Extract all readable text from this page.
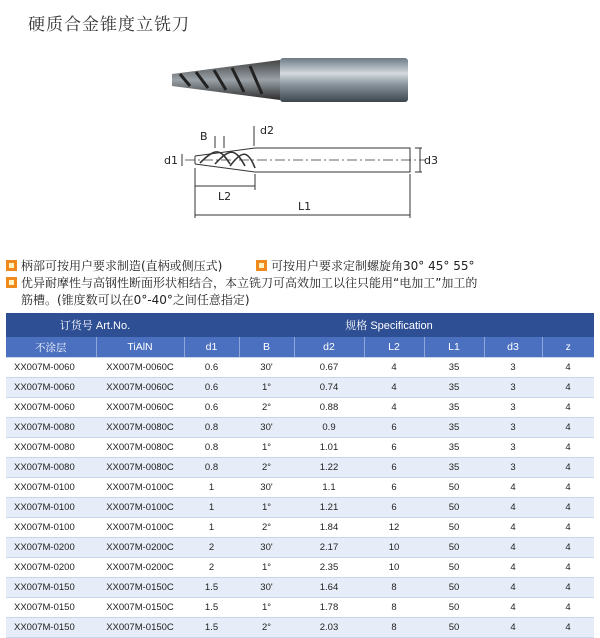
硬质合金锥度立铣刀
B	d2
d1	d3
L2
L1
柄部可按用户要求制造(直柄或侧压式)	可按用户要求定制螺旋角30° 45° 55°
优异耐摩性与高钢性断面形状相结合，本立铣刀可高效加工以往只能用“电加工”加工的
筋槽。(锥度数可以在0°-40°之间任意指定)
订货号 Art.No.		规格 Specification						
不涂层	TiAlN	d1	B	d2	L2	L1	d3	z
XX007M-0060	XX007M-0060C	0.6	30'	0.67	4	35	3	4
XX007M-0060	XX007M-0060C	0.6	1°	0.74	4	35	3	4
XX007M-0060	XX007M-0060C	0.6	2°	0.88	4	35	3	4
XX007M-0080	XX007M-0080C	0.8	30'	0.9	6	35	3	4
XX007M-0080	XX007M-0080C	0.8	1°	1.01	6	35	3	4
XX007M-0080	XX007M-0080C	0.8	2°	1.22	6	35	3	4
XX007M-0100	XX007M-0100C	1	30'	1.1	6	50	4	4
XX007M-0100	XX007M-0100C	1	1°	1.21	6	50	4	4
XX007M-0100	XX007M-0100C	1	2°	1.84	12	50	4	4
XX007M-0200	XX007M-0200C	2	30'	2.17	10	50	4	4
XX007M-0200	XX007M-0200C	2	1°	2.35	10	50	4	4
XX007M-0150	XX007M-0150C	1.5	30'	1.64	8	50	4	4
XX007M-0150	XX007M-0150C	1.5	1°	1.78	8	50	4	4
XX007M-0150	XX007M-0150C	1.5	2°	2.03	8	50	4	4
